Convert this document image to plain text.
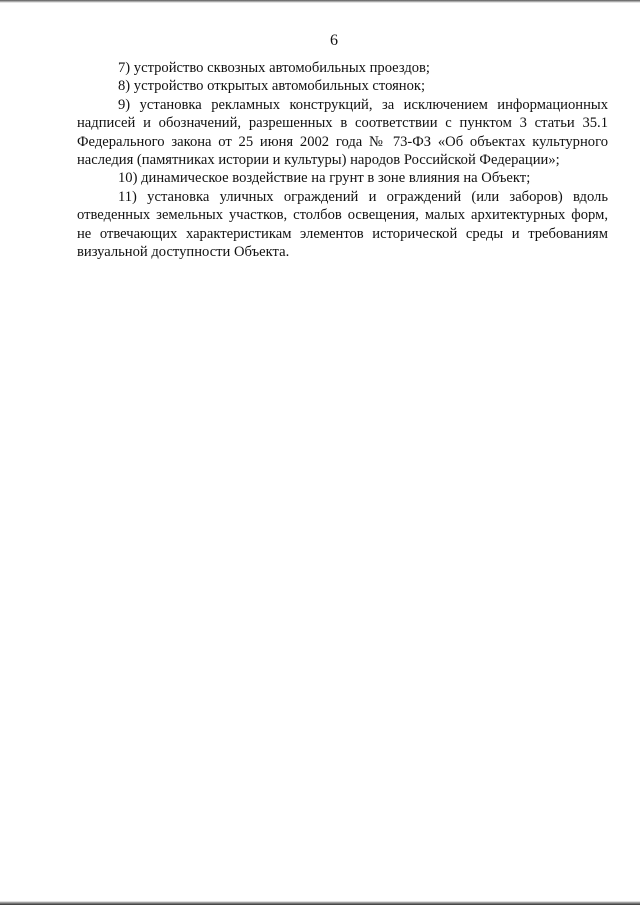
6

7) устройство сквозных автомобильных проездов;

8) устройство открытых автомобильных стоянок;

9) установка рекламных конструкций, за исключением информационных надписей и обозначений, разрешенных в соответствии с пунктом 3 статьи 35.1 Федерального закона от 25 июня 2002 года № 73-ФЗ «Об объектах культурного наследия (памятниках истории и культуры) народов Российской Федерации»;

10) динамическое воздействие на грунт в зоне влияния на Объект;

11) установка уличных ограждений и ограждений (или заборов) вдоль отведенных земельных участков, столбов освещения, малых архитектурных форм, не отвечающих характеристикам элементов исторической среды и требованиям визуальной доступности Объекта.
